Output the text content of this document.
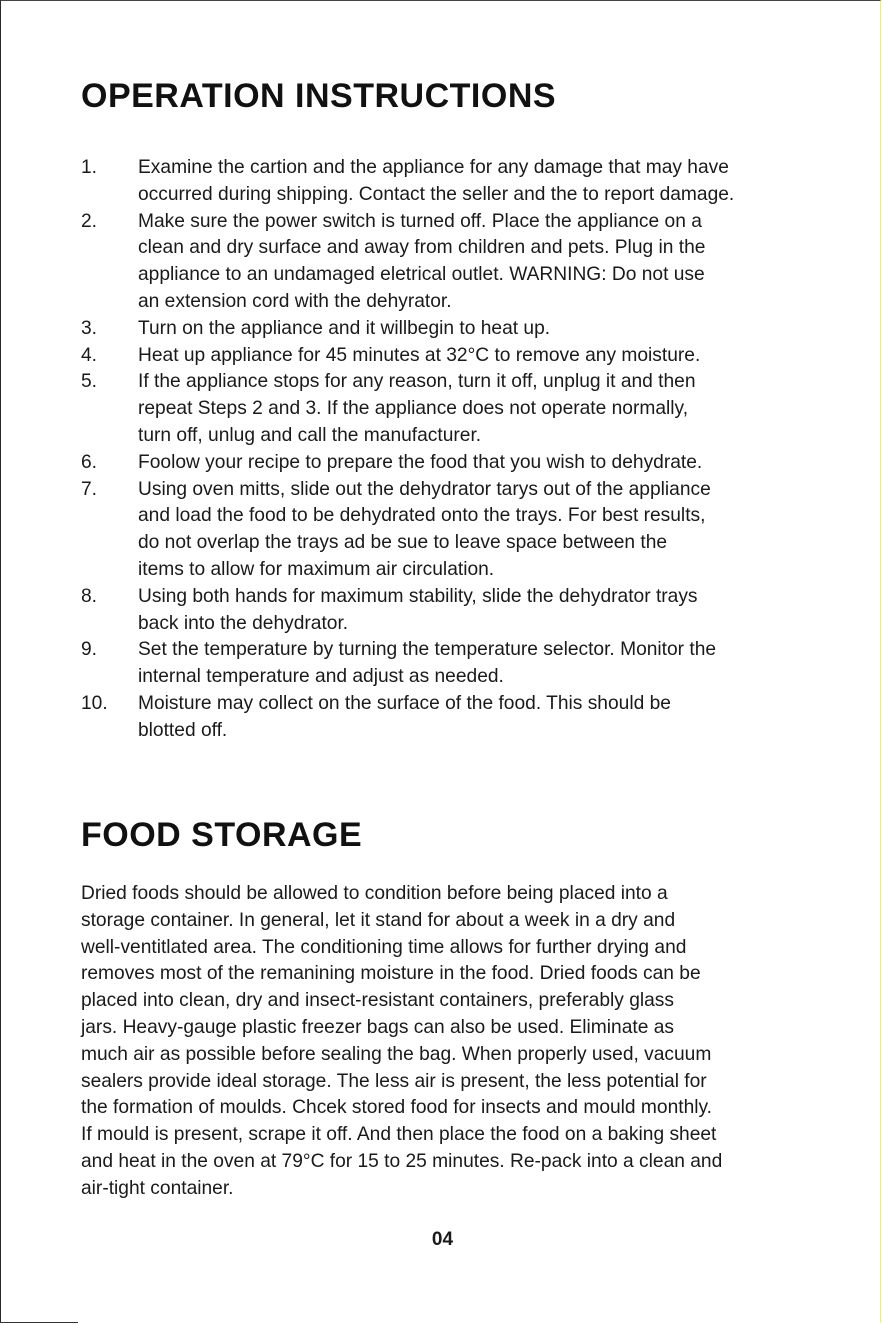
OPERATION INSTRUCTIONS
1. Examine the cartion and the appliance for any damage that may have
occurred during shipping. Contact the seller and the to report damage.
2. Make sure the power switch is turned off. Place the appliance on a
clean and dry surface and away from children and pets. Plug in the
appliance to an undamaged eletrical outlet. WARNING: Do not use
an extension cord with the dehyrator.
3. Turn on the appliance and it willbegin to heat up.
4. Heat up appliance for 45 minutes at 32°C to remove any moisture.
5. If the appliance stops for any reason, turn it off, unplug it and then
repeat Steps 2 and 3. If the appliance does not operate normally,
turn off, unlug and call the manufacturer.
6. Foolow your recipe to prepare the food that you wish to dehydrate.
7. Using oven mitts, slide out the dehydrator tarys out of the appliance
and load the food to be dehydrated onto the trays. For best results,
do not overlap the trays ad be sue to leave space between the
items to allow for maximum air circulation.
8. Using both hands for maximum stability, slide the dehydrator trays
back into the dehydrator.
9. Set the temperature by turning the temperature selector. Monitor the
internal temperature and adjust as needed.
10. Moisture may collect on the surface of the food. This should be
blotted off.
FOOD STORAGE

Dried foods should be allowed to condition before being placed into a
storage container. In general, let it stand for about a week in a dry and
well-ventitlated area. The conditioning time allows for further drying and
removes most of the remanining moisture in the food. Dried foods can be
placed into clean, dry and insect-resistant containers, preferably glass
jars. Heavy-gauge plastic freezer bags can also be used. Eliminate as
much air as possible before sealing the bag. When properly used, vacuum
sealers provide ideal storage. The less air is present, the less potential for
the formation of moulds. Chcek stored food for insects and mould monthly.
If mould is present, scrape it off. And then place the food on a baking sheet
and heat in the oven at 79°C for 15 to 25 minutes. Re-pack into a clean and
air-tight container.

04
